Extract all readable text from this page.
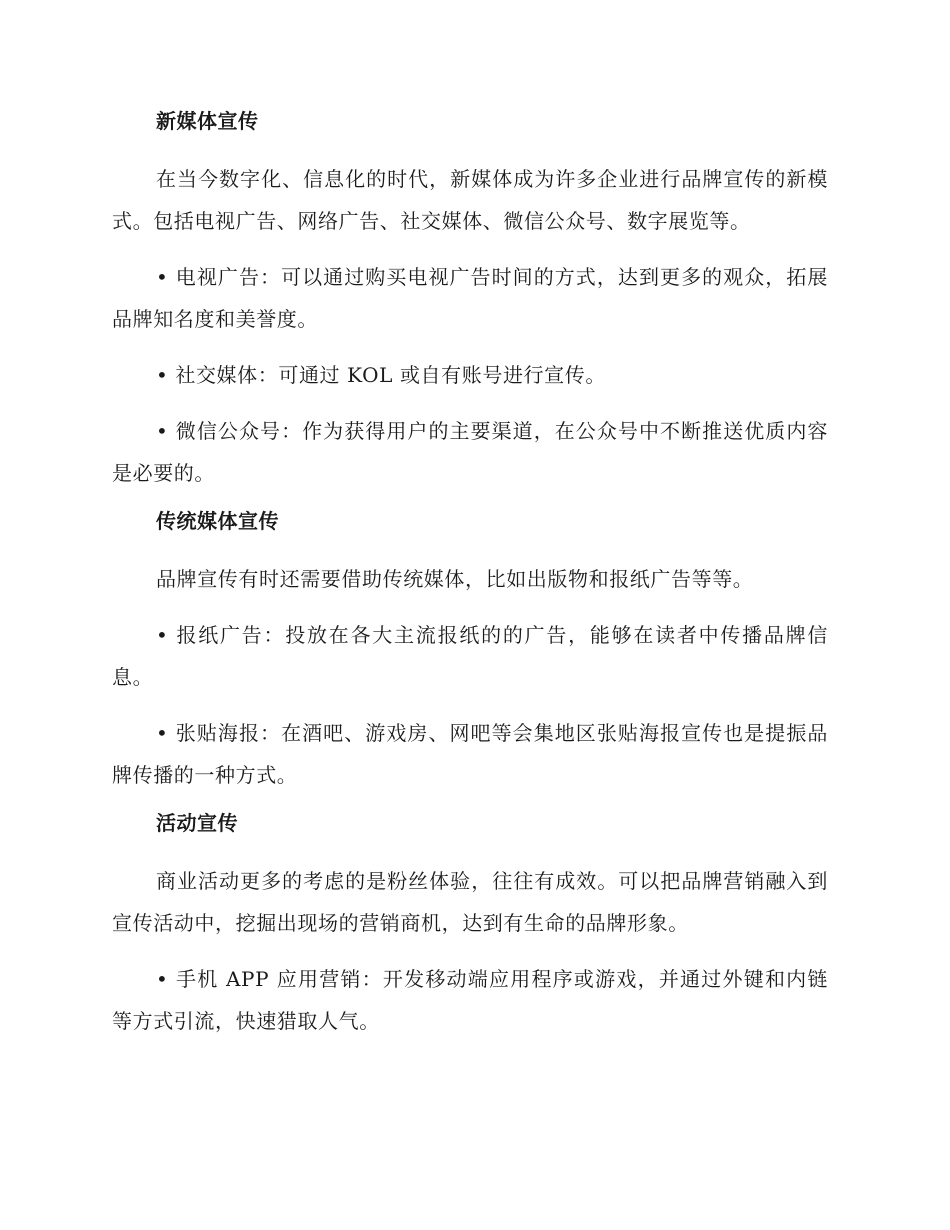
新媒体宣传

在当今数字化、信息化的时代，新媒体成为许多企业进行品牌宣传的新模式。包括电视广告、网络广告、社交媒体、微信公众号、数字展览等。

• 电视广告：可以通过购买电视广告时间的方式，达到更多的观众，拓展品牌知名度和美誉度。

• 社交媒体：可通过 KOL 或自有账号进行宣传。

• 微信公众号：作为获得用户的主要渠道，在公众号中不断推送优质内容是必要的。

传统媒体宣传

品牌宣传有时还需要借助传统媒体，比如出版物和报纸广告等等。

• 报纸广告：投放在各大主流报纸的的广告，能够在读者中传播品牌信息。

• 张贴海报：在酒吧、游戏房、网吧等会集地区张贴海报宣传也是提振品牌传播的一种方式。

活动宣传

商业活动更多的考虑的是粉丝体验，往往有成效。可以把品牌营销融入到宣传活动中，挖掘出现场的营销商机，达到有生命的品牌形象。

• 手机 APP 应用营销：开发移动端应用程序或游戏，并通过外键和内链等方式引流，快速猎取人气。
